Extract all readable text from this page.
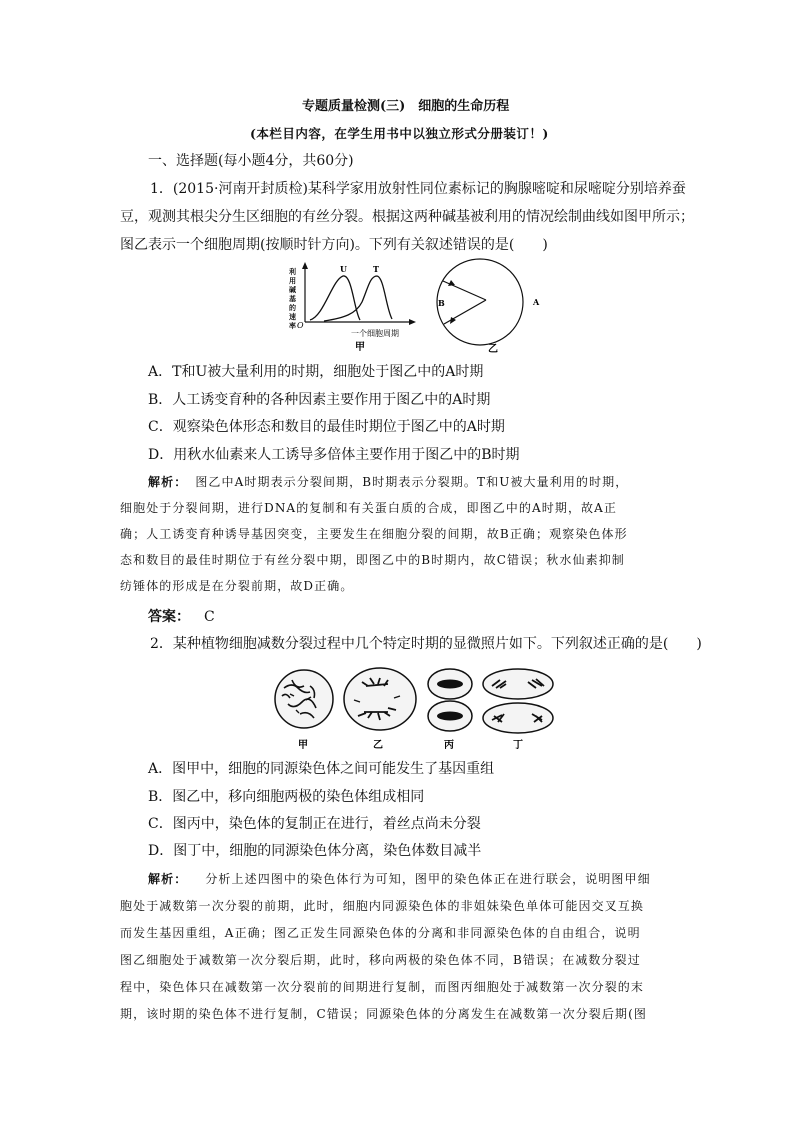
专题质量检测(三)　细胞的生命历程
(本栏目内容，在学生用书中以独立形式分册装订！)
一、选择题(每小题4分，共60分)
1．(2015·河南开封质检)某科学家用放射性同位素标记的胸腺嘧啶和尿嘧啶分别培养蚕
豆，观测其根尖分生区细胞的有丝分裂。根据这两种碱基被利用的情况绘制曲线如图甲所示；
图乙表示一个细胞周期(按顺时针方向)。下列有关叙述错误的是(　　)
利
用
碱
基
的
速
率 O
U	T
一个细胞周期
甲
B	A
乙
A．T和U被大量利用的时期，细胞处于图乙中的A时期
B．人工诱变育种的各种因素主要作用于图乙中的A时期
C．观察染色体形态和数目的最佳时期位于图乙中的A时期
D．用秋水仙素来人工诱导多倍体主要作用于图乙中的B时期
解析： 图乙中A时期表示分裂间期，B时期表示分裂期。T和U被大量利用的时期，
细胞处于分裂间期，进行DNA的复制和有关蛋白质的合成，即图乙中的A时期，故A正
确；人工诱变育种诱导基因突变，主要发生在细胞分裂的间期，故B正确；观察染色体形
态和数目的最佳时期位于有丝分裂中期，即图乙中的B时期内，故C错误；秋水仙素抑制
纺锤体的形成是在分裂前期，故D正确。
答案： C
2．某种植物细胞减数分裂过程中几个特定时期的显微照片如下。下列叙述正确的是(　　)
甲	乙	丙	丁
A．图甲中，细胞的同源染色体之间可能发生了基因重组
B．图乙中，移向细胞两极的染色体组成相同
C．图丙中，染色体的复制正在进行，着丝点尚未分裂
D．图丁中，细胞的同源染色体分离，染色体数目减半
解析： 分析上述四图中的染色体行为可知，图甲的染色体正在进行联会，说明图甲细
胞处于减数第一次分裂的前期，此时，细胞内同源染色体的非姐妹染色单体可能因交叉互换
而发生基因重组，A正确；图乙正发生同源染色体的分离和非同源染色体的自由组合，说明
图乙细胞处于减数第一次分裂后期，此时，移向两极的染色体不同，B错误；在减数分裂过
程中，染色体只在减数第一次分裂前的间期进行复制，而图丙细胞处于减数第一次分裂的末
期，该时期的染色体不进行复制，C错误；同源染色体的分离发生在减数第一次分裂后期(图
